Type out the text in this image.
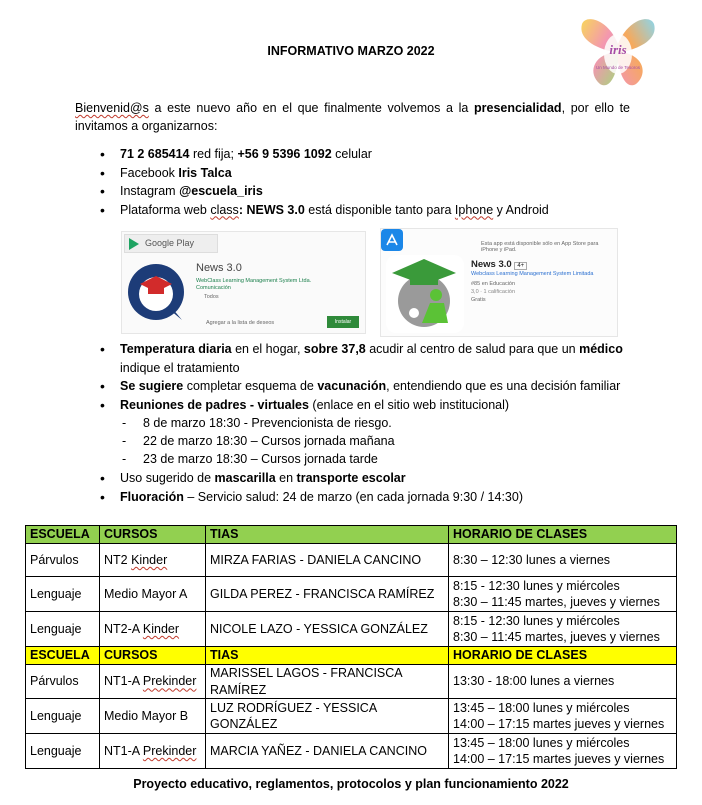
INFORMATIVO MARZO 2022	iris
Un Mundo de Tesoros
Bienvenid@s a este nuevo año en el que finalmente volvemos a la presencialidad, por ello te invitamos a organizarnos:
• 71 2 685414 red fija; +56 9 5396 1092 celular
• Facebook Iris Talca
• Instagram @escuela_iris
• Plataforma web class: NEWS 3.0 está disponible tanto para Iphone y Android
Google Play
News 3.0
WebClass Learning Management System Ltda.
Comunicación
Todos
Agregar a la lista de deseos	Instalar
Esta app está disponible sólo en App Store para iPhone y iPad.
News 3.0 4+
Webclass Learning Management System Limitada
#85 en Educación
3,0 · 1 calificación
Gratis
• Temperatura diaria en el hogar, sobre 37,8 acudir al centro de salud para que un médico indique el tratamiento
• Se sugiere completar esquema de vacunación, entendiendo que es una decisión familiar
• Reuniones de padres - virtuales (enlace en el sitio web institucional)
- 8 de marzo 18:30 - Prevencionista de riesgo.
- 22 de marzo 18:30 – Cursos jornada mañana
- 23 de marzo 18:30 – Cursos jornada tarde
• Uso sugerido de mascarilla en transporte escolar
• Fluoración – Servicio salud: 24 de marzo (en cada jornada 9:30 / 14:30)
ESCUELA	CURSOS	TIAS	HORARIO DE CLASES
Párvulos	NT2 Kinder	MIRZA FARIAS - DANIELA CANCINO	8:30 – 12:30 lunes a viernes

Lenguaje	Medio Mayor A	GILDA PEREZ - FRANCISCA RAMÍREZ	8:15 - 12:30 lunes y miércoles
8:30 – 11:45 martes, jueves y viernes

Lenguaje	NT2-A Kinder	NICOLE LAZO - YESSICA GONZÁLEZ	8:15 - 12:30 lunes y miércoles
8:30 – 11:45 martes, jueves y viernes

ESCUELA	CURSOS	TIAS	HORARIO DE CLASES
Párvulos	NT1-A Prekinder	MARISSEL LAGOS - FRANCISCA RAMÍREZ	13:30 - 18:00 lunes a viernes

Lenguaje	Medio Mayor B	LUZ RODRÍGUEZ - YESSICA GONZÁLEZ	13:45 – 18:00 lunes y miércoles
14:00 – 17:15 martes jueves y viernes

Lenguaje	NT1-A Prekinder	MARCIA YAÑEZ - DANIELA CANCINO	13:45 – 18:00 lunes y miércoles
14:00 – 17:15 martes jueves y viernes
Proyecto educativo, reglamentos, protocolos y plan funcionamiento 2022
